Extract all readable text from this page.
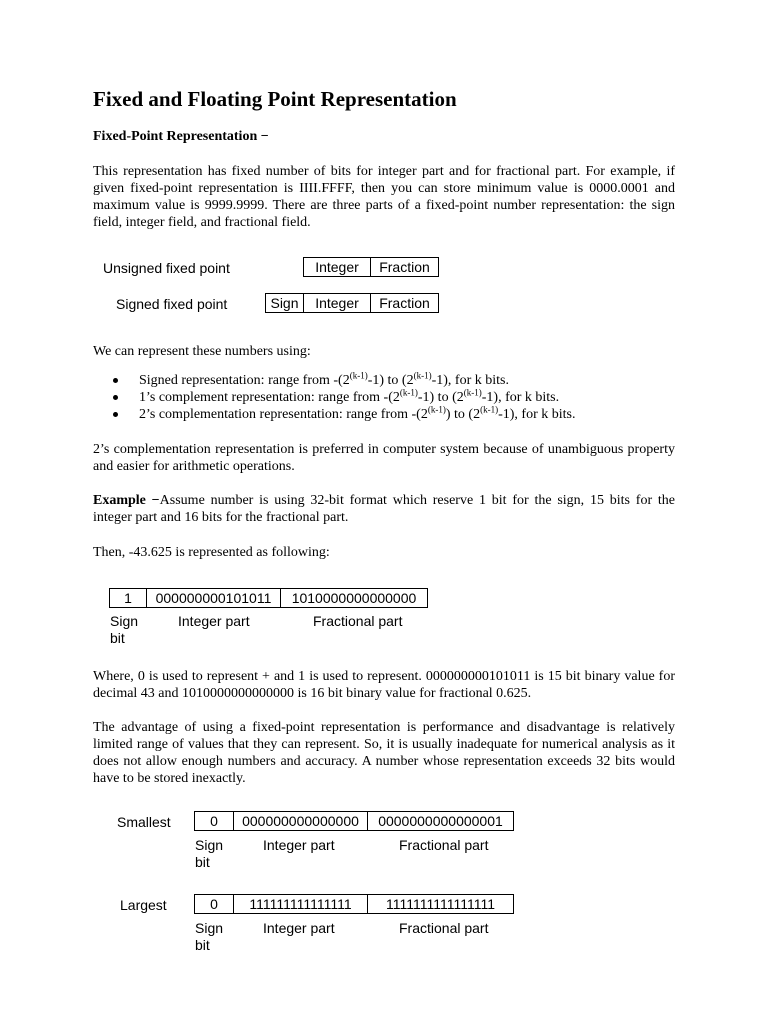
Fixed and Floating Point Representation

Fixed-Point Representation −

This representation has fixed number of bits for integer part and for fractional part. For example, if given fixed-point representation is IIII.FFFF, then you can store minimum value is 0000.0001 and maximum value is 9999.9999. There are three parts of a fixed-point number representation: the sign field, integer field, and fractional field.

Unsigned fixed point	Integer	Fraction
Signed fixed point	Sign	Integer	Fraction

We can represent these numbers using:

Signed representation: range from -(2$^{(k-1)}$-1) to (2$^{(k-1)}$-1), for k bits.
1’s complement representation: range from -(2$^{(k-1)}$-1) to (2$^{(k-1)}$-1), for k bits.
2’s complementation representation: range from -(2$^{(k-1)}$) to (2$^{(k-1)}$-1), for k bits.

2’s complementation representation is preferred in computer system because of unambiguous property and easier for arithmetic operations.

Example −Assume number is using 32-bit format which reserve 1 bit for the sign, 15 bits for the integer part and 16 bits for the fractional part.

Then, -43.625 is represented as following:

1	000000000101011	1010000000000000
Sign bit
Integer part	Fractional part

Where, 0 is used to represent + and 1 is used to represent. 000000000101011 is 15 bit binary value for decimal 43 and 1010000000000000 is 16 bit binary value for fractional 0.625.

The advantage of using a fixed-point representation is performance and disadvantage is relatively limited range of values that they can represent. So, it is usually inadequate for numerical analysis as it does not allow enough numbers and accuracy. A number whose representation exceeds 32 bits would have to be stored inexactly.

Smallest	0	000000000000000	0000000000000001
Sign bit
Integer part	Fractional part
Largest	0	111111111111111	1111111111111111
Sign bit
Integer part	Fractional part
